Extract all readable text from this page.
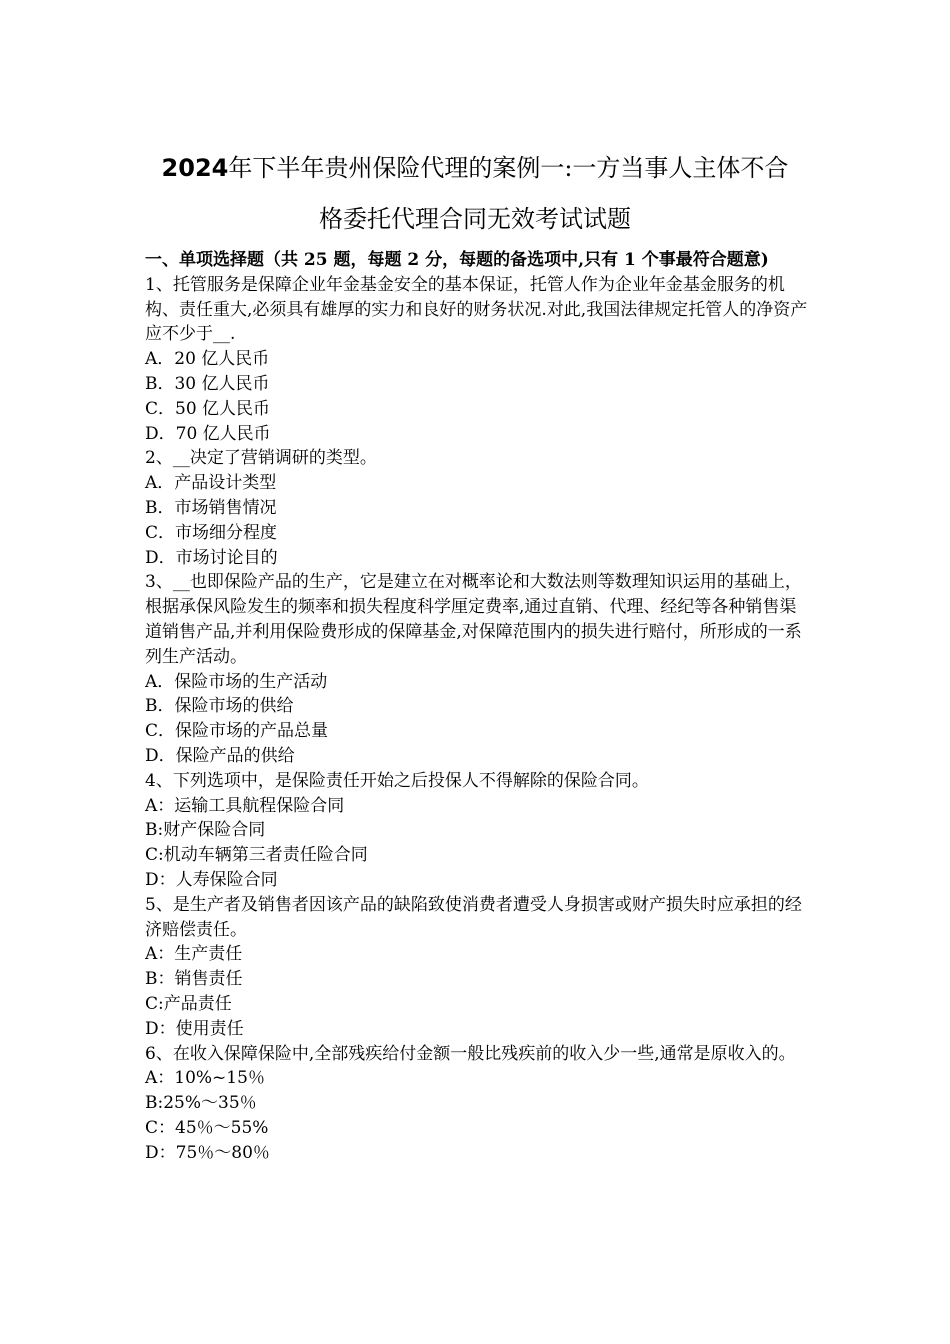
2024年下半年贵州保险代理的案例一:一方当事人主体不合
格委托代理合同无效考试试题

一、单项选择题（共 25 题，每题 2 分，每题的备选项中,只有 1 个事最符合题意)

1、托管服务是保障企业年金基金安全的基本保证，托管人作为企业年金基金服务的机构、责任重大,必须具有雄厚的实力和良好的财务状况.对此,我国法律规定托管人的净资产应不少于__.

A．20 亿人民币

B．30 亿人民币

C．50 亿人民币

D．70 亿人民币

2、__决定了营销调研的类型。

A．产品设计类型

B．市场销售情况

C．市场细分程度

D．市场讨论目的

3、__也即保险产品的生产，它是建立在对概率论和大数法则等数理知识运用的基础上，根据承保风险发生的频率和损失程度科学厘定费率,通过直销、代理、经纪等各种销售渠道销售产品,并利用保险费形成的保障基金,对保障范围内的损失进行赔付，所形成的一系列生产活动。

A．保险市场的生产活动

B．保险市场的供给

C．保险市场的产品总量

D．保险产品的供给

4、下列选项中，是保险责任开始之后投保人不得解除的保险合同。

A：运输工具航程保险合同

B:财产保险合同

C:机动车辆第三者责任险合同

D：人寿保险合同

5、是生产者及销售者因该产品的缺陷致使消费者遭受人身损害或财产损失时应承担的经济赔偿责任。

A：生产责任

B：销售责任

C:产品责任

D：使用责任

6、在收入保障保险中,全部残疾给付金额一般比残疾前的收入少一些,通常是原收入的。

A：10%~15％

B:25%～35％

C：45％～55%

D：75％～80％
